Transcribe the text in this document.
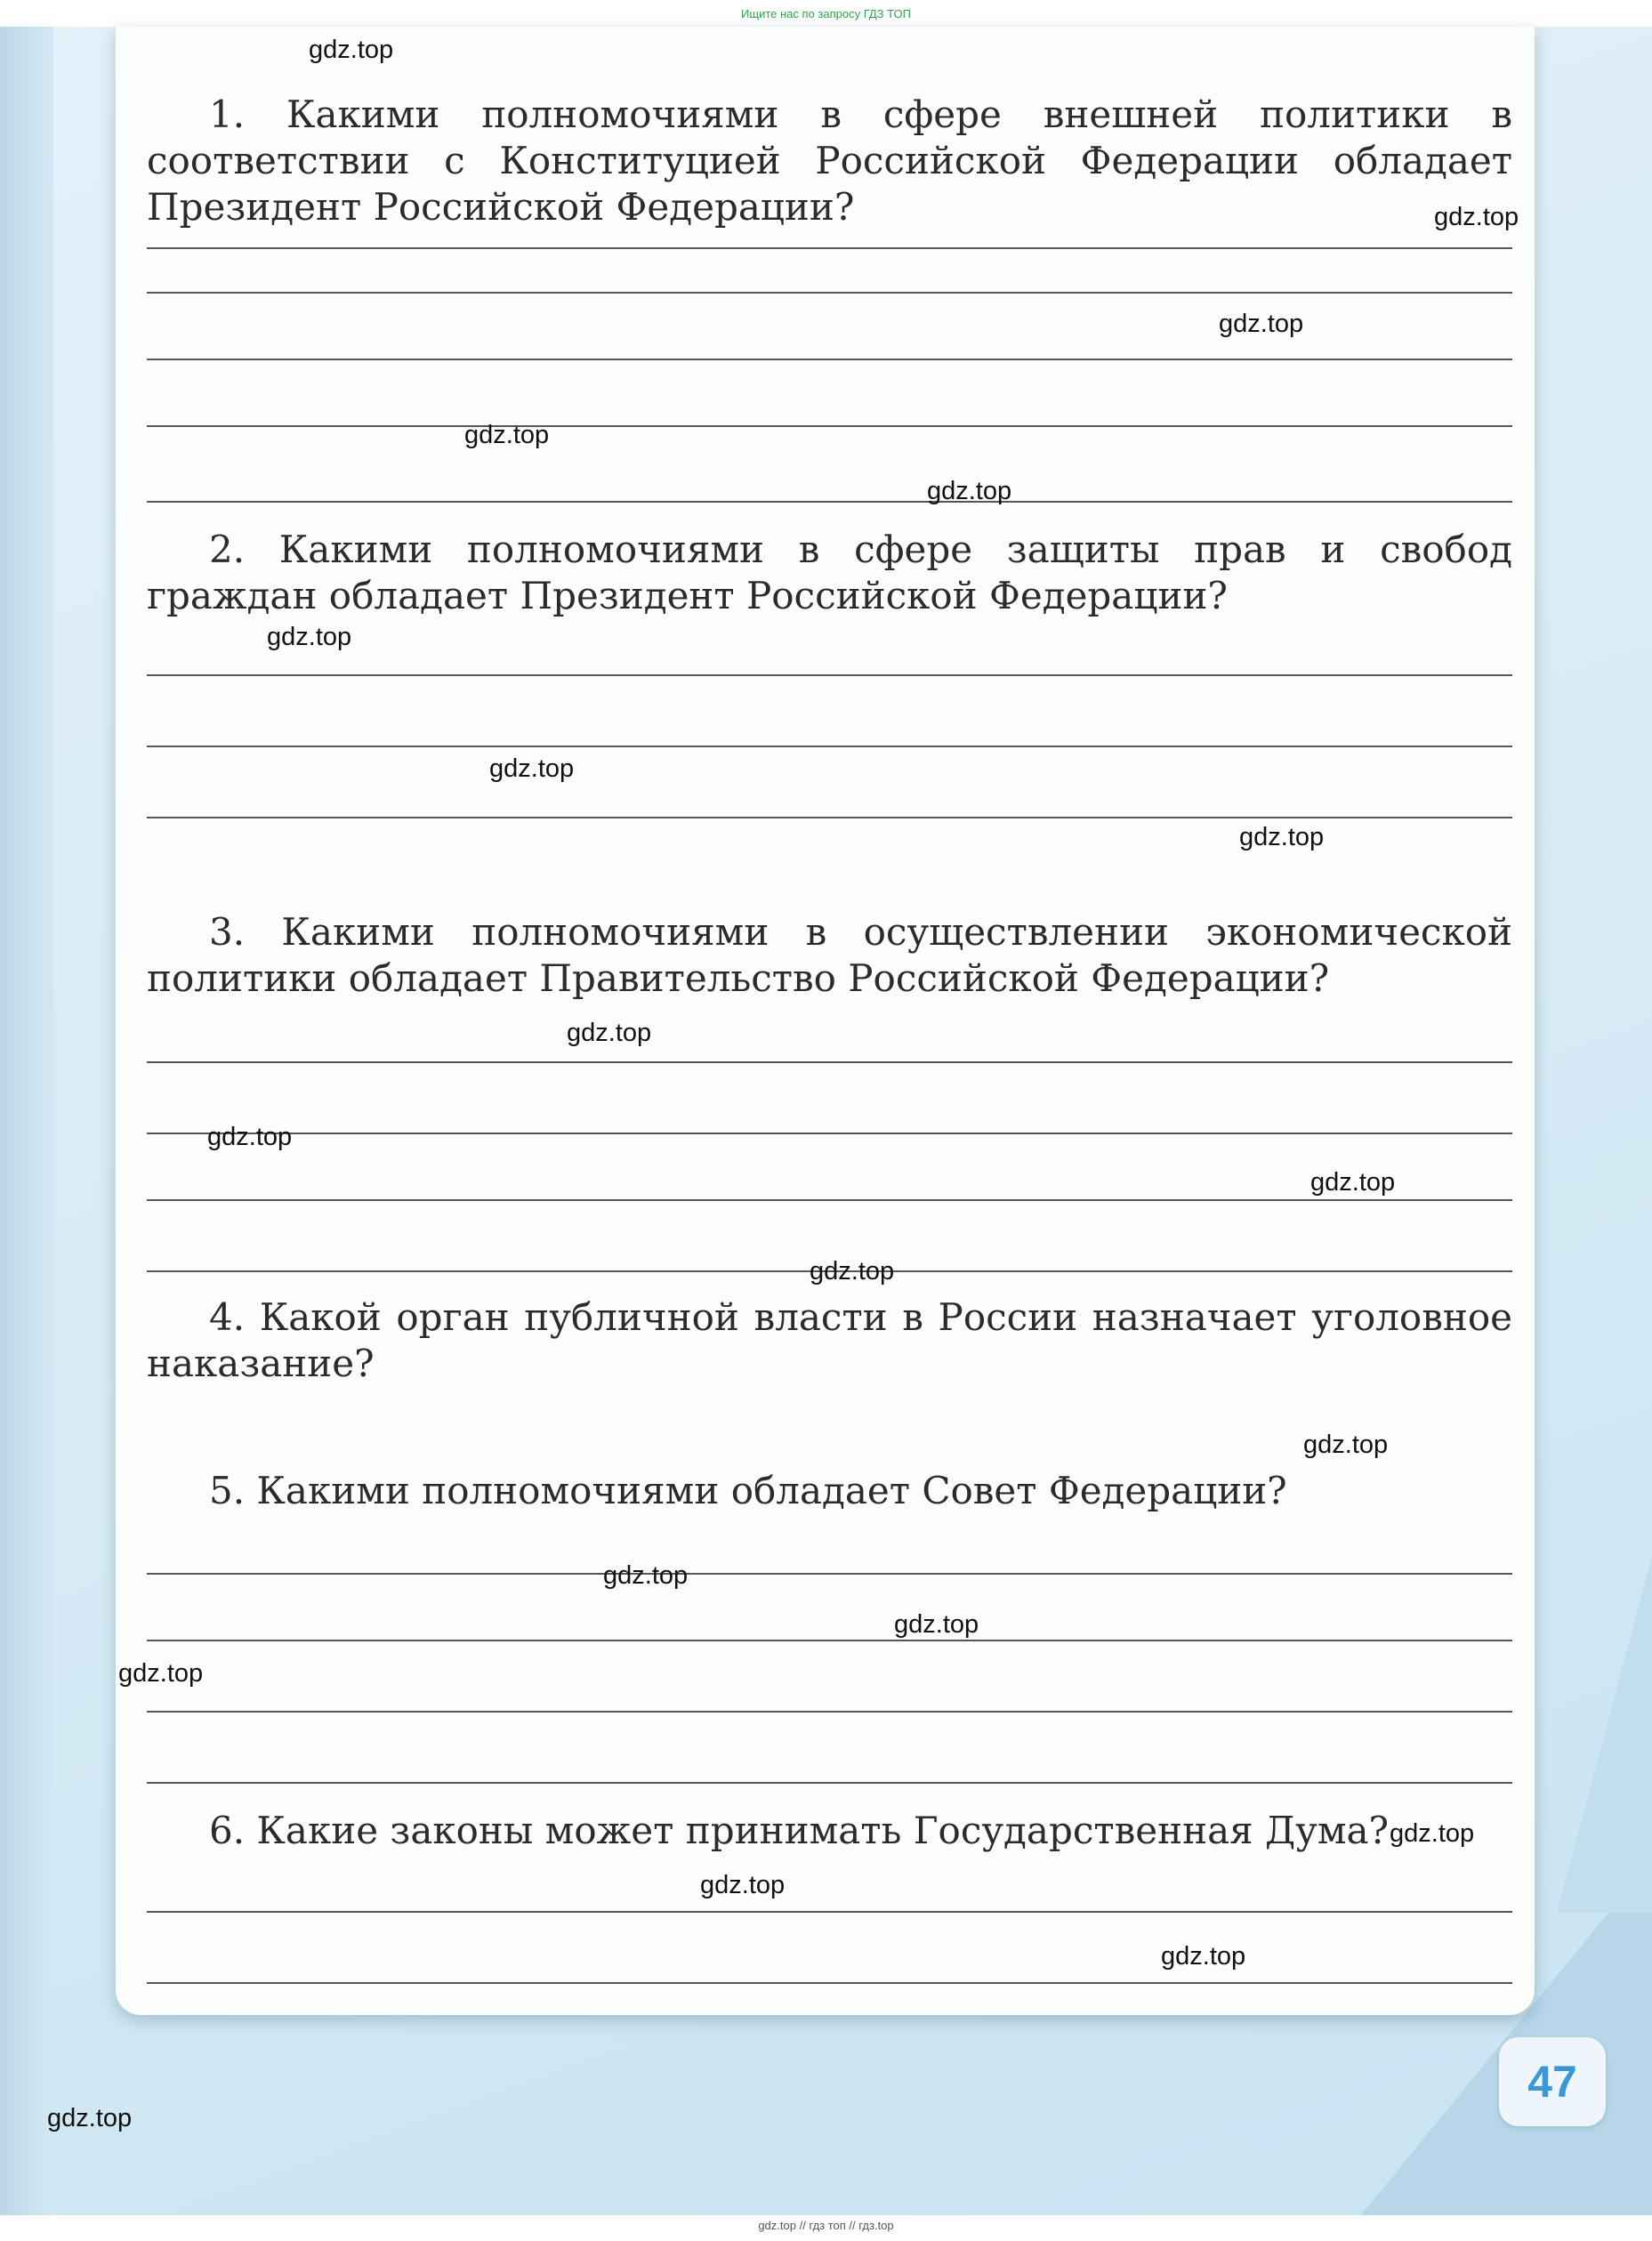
Ищите нас по запросу ГДЗ ТОП

1. Какими полномочиями в сфере внешней политики в соответствии с Конституцией Российской Федерации обладает Президент Российской Федерации?

2. Какими полномочиями в сфере защиты прав и свобод граждан обладает Президент Российской Федерации?

3. Какими полномочиями в осуществлении экономической политики обладает Правительство Российской Федерации?

4. Какой орган публичной власти в России назначает уголовное наказание?

5. Какими полномочиями обладает Совет Федерации?

6. Какие законы может принимать Государственная Дума?

gdz.top
gdz.top
gdz.top
gdz.top
gdz.top
gdz.top
gdz.top
gdz.top
gdz.top
gdz.top
gdz.top
gdz.top
gdz.top
gdz.top
gdz.top
gdz.top
gdz.top
gdz.top
gdz.top
gdz.top
47
gdz.top // гдз топ // гдз.top
